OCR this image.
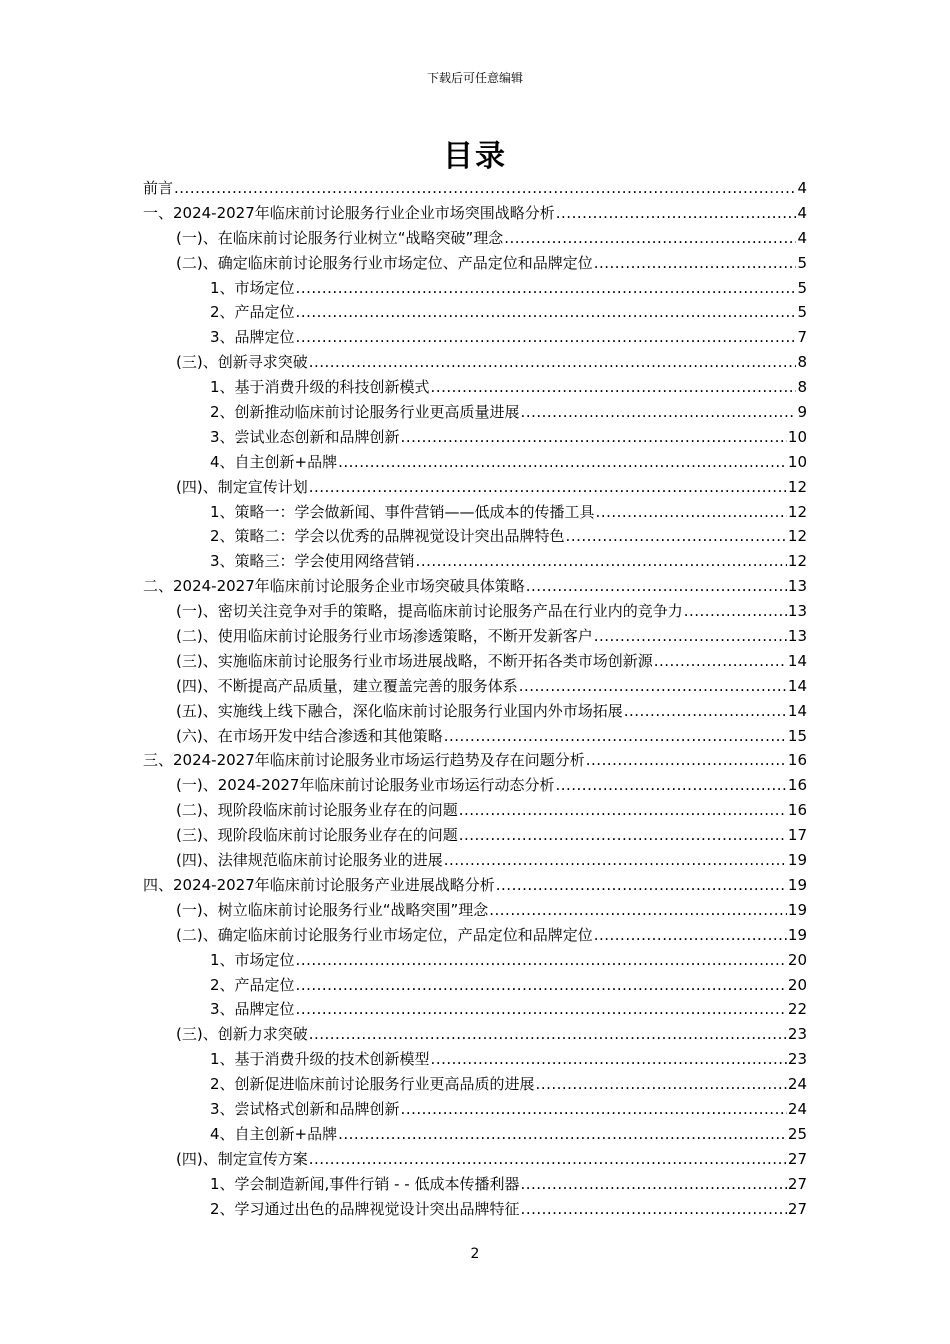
下载后可任意编辑
目录
前言 .....	4
一、2024-2027年临床前讨论服务行业企业市场突围战略分析 .....	4
(一)、在临床前讨论服务行业树立“战略突破”理念 .....	4
(二)、确定临床前讨论服务行业市场定位、产品定位和品牌定位 .....	5
1、市场定位 .....	5
2、产品定位 .....	5
3、品牌定位 .....	7
(三)、创新寻求突破 .....	8
1、基于消费升级的科技创新模式 .....	8
2、创新推动临床前讨论服务行业更高质量进展 .....	9
3、尝试业态创新和品牌创新 .....	10
4、自主创新+品牌 .....	10
(四)、制定宣传计划 .....	12
1、策略一：学会做新闻、事件营销——低成本的传播工具 .....	12
2、策略二：学会以优秀的品牌视觉设计突出品牌特色 .....	12
3、策略三：学会使用网络营销 .....	12
二、2024-2027年临床前讨论服务企业市场突破具体策略 .....	13
(一)、密切关注竞争对手的策略，提高临床前讨论服务产品在行业内的竞争力 .....	13
(二)、使用临床前讨论服务行业市场渗透策略，不断开发新客户 .....	13
(三)、实施临床前讨论服务行业市场进展战略，不断开拓各类市场创新源 .....	14
(四)、不断提高产品质量，建立覆盖完善的服务体系 .....	14
(五)、实施线上线下融合，深化临床前讨论服务行业国内外市场拓展 .....	14
(六)、在市场开发中结合渗透和其他策略 .....	15
三、2024-2027年临床前讨论服务业市场运行趋势及存在问题分析 .....	16
(一)、2024-2027年临床前讨论服务业市场运行动态分析 .....	16
(二)、现阶段临床前讨论服务业存在的问题 .....	16
(三)、现阶段临床前讨论服务业存在的问题 .....	17
(四)、法律规范临床前讨论服务业的进展 .....	19
四、2024-2027年临床前讨论服务产业进展战略分析 .....	19
(一)、树立临床前讨论服务行业“战略突围”理念 .....	19
(二)、确定临床前讨论服务行业市场定位，产品定位和品牌定位 .....	19
1、市场定位 .....	20
2、产品定位 .....	20
3、品牌定位 .....	22
(三)、创新力求突破 .....	23
1、基于消费升级的技术创新模型 .....	23
2、创新促进临床前讨论服务行业更高品质的进展 .....	24
3、尝试格式创新和品牌创新 .....	24
4、自主创新+品牌 .....	25
(四)、制定宣传方案 .....	27
1、学会制造新闻,事件行销 - - 低成本传播利器 .....	27
2、学习通过出色的品牌视觉设计突出品牌特征 .....	27
2
